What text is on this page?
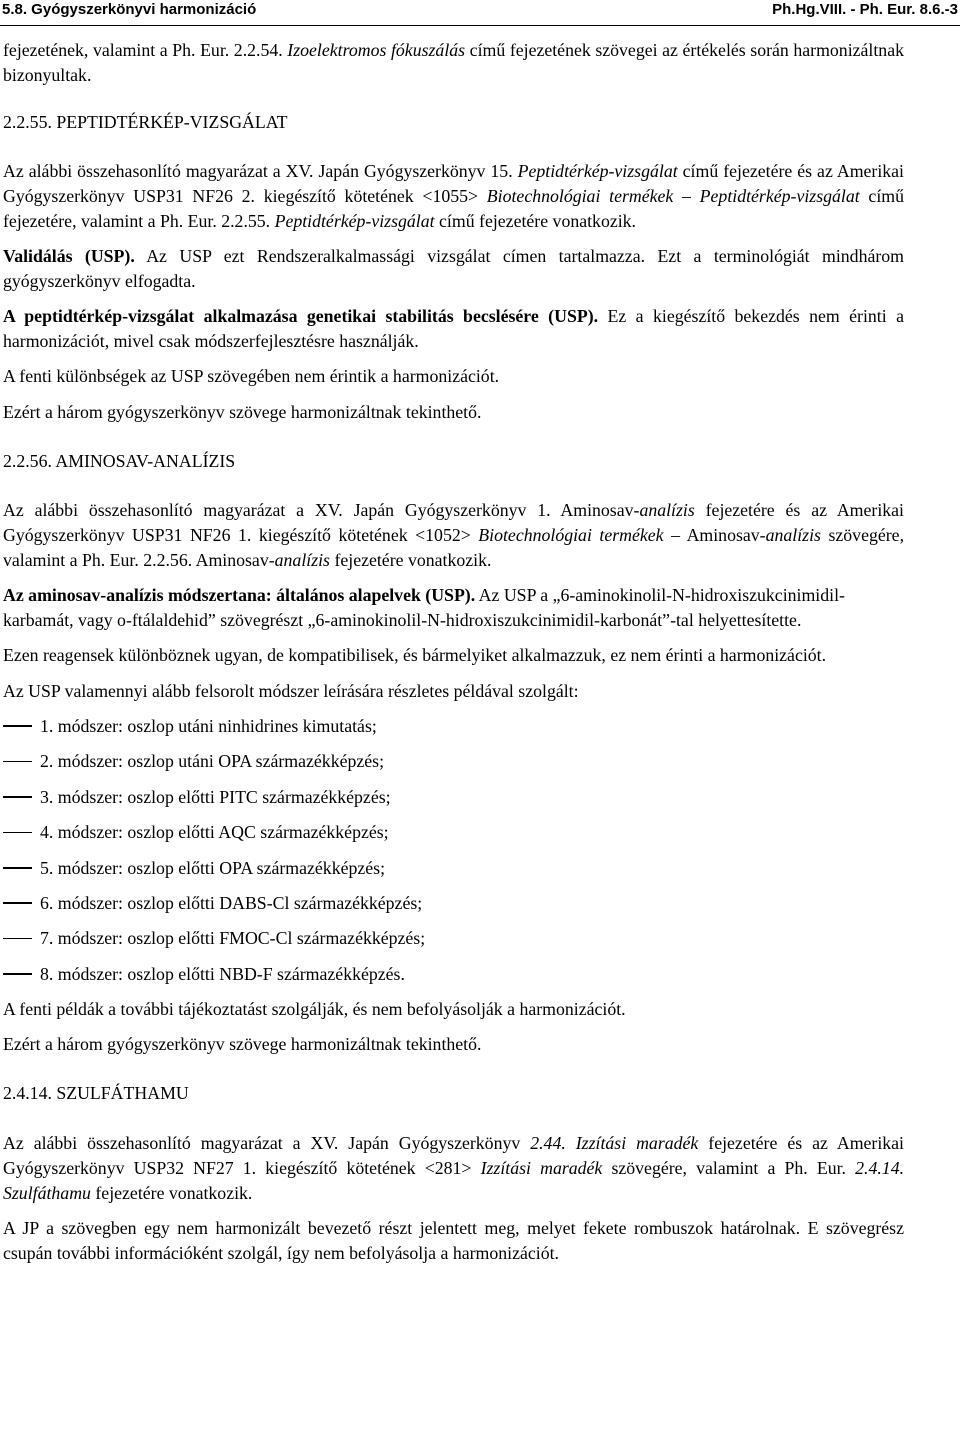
5.8. Gyógyszerkönyvi harmonizáció	Ph.Hg.VIII. - Ph. Eur. 8.6.-3

fejezetének, valamint a Ph. Eur. 2.2.54. Izoelektromos fókuszálás című fejezetének szövegei az értékelés során harmonizáltnak bizonyultak.

2.2.55. PEPTIDTÉRKÉP-VIZSGÁLAT

Az alábbi összehasonlító magyarázat a XV. Japán Gyógyszerkönyv 15. Peptidtérkép-vizsgálat című fejezetére és az Amerikai Gyógyszerkönyv USP31 NF26 2. kiegészítő kötetének <1055> Biotechnológiai termékek – Peptidtérkép-vizsgálat című fejezetére, valamint a Ph. Eur. 2.2.55. Peptidtérkép-vizsgálat című fejezetére vonatkozik.

Validálás (USP). Az USP ezt Rendszeralkalmassági vizsgálat címen tartalmazza. Ezt a terminológiát mindhárom gyógyszerkönyv elfogadta.

A peptidtérkép-vizsgálat alkalmazása genetikai stabilitás becslésére (USP). Ez a kiegészítő bekezdés nem érinti a harmonizációt, mivel csak módszerfejlesztésre használják.

A fenti különbségek az USP szövegében nem érintik a harmonizációt.

Ezért a három gyógyszerkönyv szövege harmonizáltnak tekinthető.

2.2.56. AMINOSAV-ANALÍZIS

Az alábbi összehasonlító magyarázat a XV. Japán Gyógyszerkönyv 1. Aminosav-analízis fejezetére és az Amerikai Gyógyszerkönyv USP31 NF26 1. kiegészítő kötetének <1052> Biotechnológiai termékek – Aminosav-analízis szövegére, valamint a Ph. Eur. 2.2.56. Aminosav-analízis fejezetére vonatkozik.

Az aminosav-analízis módszertana: általános alapelvek (USP). Az USP a „6-aminokinolil-N-hidroxiszukcinimidil-karbamát, vagy o-ftálaldehid” szövegrészt „6-aminokinolil-N-hidroxiszukcinimidil-karbonát”-tal helyettesítette.

Ezen reagensek különböznek ugyan, de kompatibilisek, és bármelyiket alkalmazzuk, ez nem érinti a harmonizációt.

Az USP valamennyi alább felsorolt módszer leírására részletes példával szolgált:

1. módszer: oszlop utáni ninhidrines kimutatás;
2. módszer: oszlop utáni OPA származékképzés;
3. módszer: oszlop előtti PITC származékképzés;
4. módszer: oszlop előtti AQC származékképzés;
5. módszer: oszlop előtti OPA származékképzés;
6. módszer: oszlop előtti DABS-Cl származékképzés;
7. módszer: oszlop előtti FMOC-Cl származékképzés;
8. módszer: oszlop előtti NBD-F származékképzés.

A fenti példák a további tájékoztatást szolgálják, és nem befolyásolják a harmonizációt.

Ezért a három gyógyszerkönyv szövege harmonizáltnak tekinthető.

2.4.14. SZULFÁTHAMU

Az alábbi összehasonlító magyarázat a XV. Japán Gyógyszerkönyv 2.44. Izzítási maradék fejezetére és az Amerikai Gyógyszerkönyv USP32 NF27 1. kiegészítő kötetének <281> Izzítási maradék szövegére, valamint a Ph. Eur. 2.4.14. Szulfáthamu fejezetére vonatkozik.

A JP a szövegben egy nem harmonizált bevezető részt jelentett meg, melyet fekete rombuszok határolnak. E szövegrész csupán további információként szolgál, így nem befolyásolja a harmonizációt.
